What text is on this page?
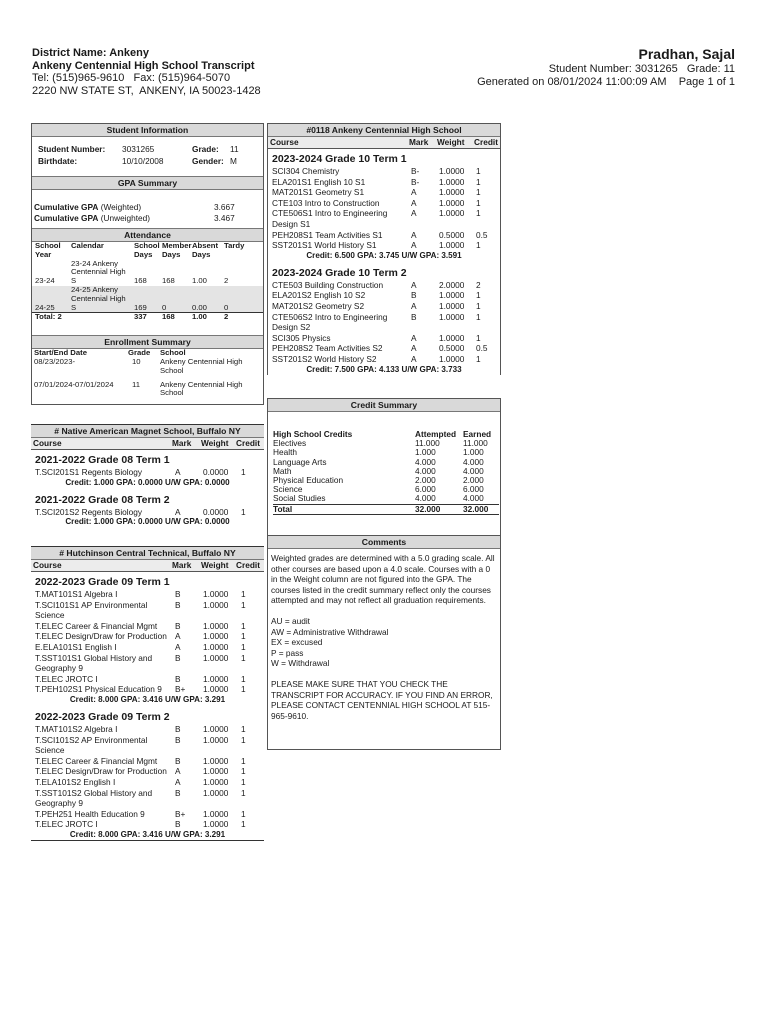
District Name: Ankeny
Ankeny Centennial High School Transcript
Tel: (515)965-9610   Fax: (515)964-5070
2220 NW STATE ST,  ANKENY, IA 50023-1428
Pradhan, Sajal
Student Number: 3031265   Grade: 11
Generated on 08/01/2024 11:00:09 AM    Page 1 of 1
Student Information
Student Number: 3031265	Grade: 11
Birthdate:	10/10/2008	Gender: M
GPA Summary
Cumulative GPA (Weighted)	3.667
Cumulative GPA (Unweighted)	3.467
Attendance
School Year	Calendar	School Days	Member Days	Absent Days	Tardy
23-24	23-24 Ankeny Centennial High S	168	168	1.00	2
24-25	24-25 Ankeny Centennial High S	169	0	0.00	0
Total: 2		337	168	1.00	2
Enrollment Summary
Start/End Date	Grade	School
08/23/2023-	10	Ankeny Centennial High School
07/01/2024-07/01/2024	11	Ankeny Centennial High School
# Native American Magnet School, Buffalo NY
Course	Mark Weight Credit
2021-2022 Grade 08 Term 1
T.SCI201S1 Regents Biology	A	0.0000 1
Credit: 1.000 GPA: 0.0000 U/W GPA: 0.0000
2021-2022 Grade 08 Term 2
T.SCI201S2 Regents Biology	A	0.0000 1
Credit: 1.000 GPA: 0.0000 U/W GPA: 0.0000
# Hutchinson Central Technical, Buffalo NY
Course	Mark Weight Credit
2022-2023 Grade 09 Term 1
T.MAT101S1 Algebra I	B	1.0000 1
T.SCI101S1 AP Environmental Science
B	1.0000 1
T.ELEC Career & Financial Mgmt	B	1.0000 1
T.ELEC Design/Draw for Production A	1.0000 1
E.ELA101S1 English I	A	1.0000 1
T.SST101S1 Global History and Geography 9
B	1.0000 1
T.ELEC JROTC I	B	1.0000 1
T.PEH102S1 Physical Education 9	B+ 1.0000 1
Credit: 8.000 GPA: 3.416 U/W GPA: 3.291
2022-2023 Grade 09 Term 2
T.MAT101S2 Algebra I	B	1.0000 1
T.SCI101S2 AP Environmental Science
B	1.0000 1
T.ELEC Career & Financial Mgmt	B	1.0000 1
T.ELEC Design/Draw for Production A	1.0000 1
T.ELA101S2 English I	A	1.0000 1
T.SST101S2 Global History and Geography 9
B	1.0000 1
T.PEH251 Health Education 9	B+ 1.0000 1
T.ELEC JROTC I	B	1.0000 1
Credit: 8.000 GPA: 3.416 U/W GPA: 3.291
#0118 Ankeny Centennial High School
Course	Mark Weight Credit
2023-2024 Grade 10 Term 1
SCI304 Chemistry	B- 1.0000 1
ELA201S1 English 10 S1	B- 1.0000 1
MAT201S1 Geometry S1	A	1.0000 1
CTE103 Intro to Construction	A	1.0000 1
CTE506S1 Intro to Engineering Design S1
A	1.0000 1
PEH208S1 Team Activities S1	A	0.5000 0.5
SST201S1 World History S1	A	1.0000 1
Credit: 6.500 GPA: 3.745 U/W GPA: 3.591
2023-2024 Grade 10 Term 2
CTE503 Building Construction	A	2.0000 2
ELA201S2 English 10 S2	B	1.0000 1
MAT201S2 Geometry S2	A	1.0000 1
CTE506S2 Intro to Engineering Design S2
B	1.0000 1
SCI305 Physics	A	1.0000 1
PEH208S2 Team Activities S2	A	0.5000 0.5
SST201S2 World History S2	A	1.0000 1
Credit: 7.500 GPA: 4.133 U/W GPA: 3.733
Credit Summary
High School Credits	Attempted	Earned
Electives	11.000	11.000
Health	1.000	1.000
Language Arts	4.000	4.000
Math	4.000	4.000
Physical Education	2.000	2.000
Science	6.000	6.000
Social Studies	4.000	4.000
Total	32.000	32.000
Comments
Weighted grades are determined with a 5.0 grading scale. All other courses are based upon a 4.0 scale. Courses with a 0 in the Weight column are not figured into the GPA. The courses listed in the credit summary reflect only the courses attempted and may not reflect all graduation requirements.
AU = audit
AW = Administrative Withdrawal
EX = excused
P = pass
W = Withdrawal
PLEASE MAKE SURE THAT YOU CHECK THE TRANSCRIPT FOR ACCURACY. IF YOU FIND AN ERROR, PLEASE CONTACT CENTENNIAL HIGH SCHOOL AT 515-965-9610.
